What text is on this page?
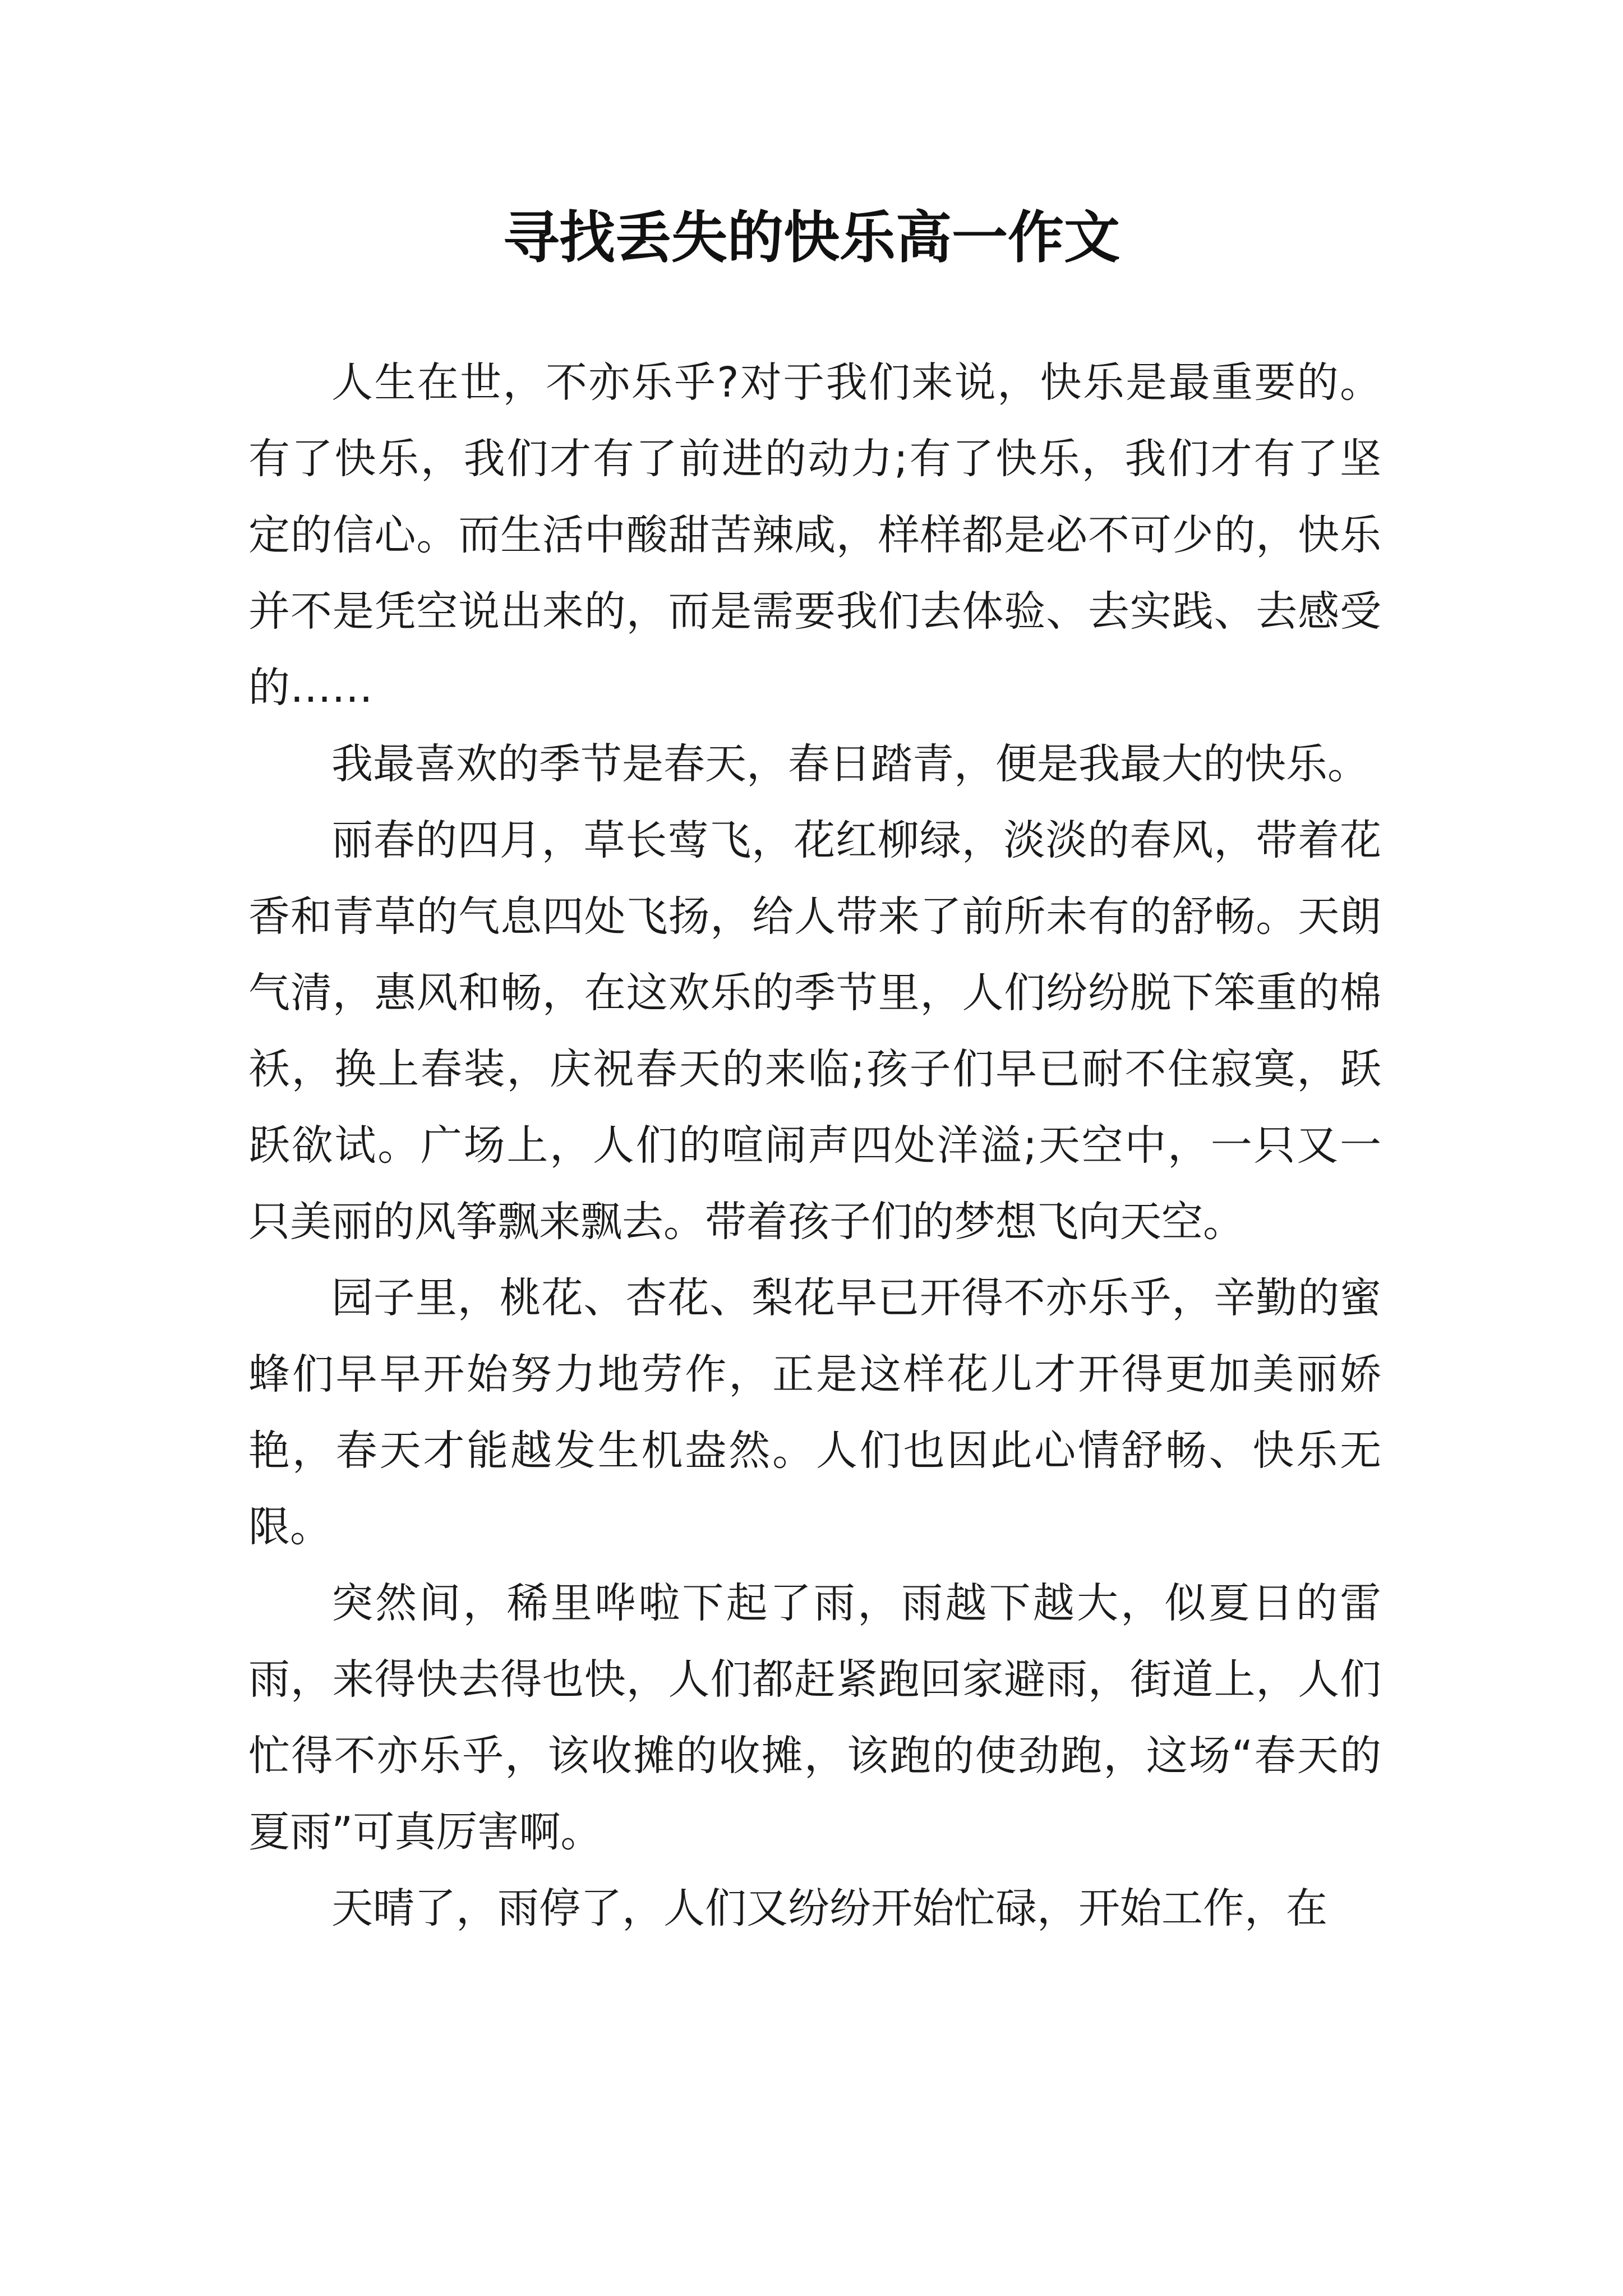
寻找丢失的快乐高一作文

人生在世，不亦乐乎?对于我们来说，快乐是最重要的。有了快乐，我们才有了前进的动力;有了快乐，我们才有了坚定的信心。而生活中酸甜苦辣咸，样样都是必不可少的，快乐并不是凭空说出来的，而是需要我们去体验、去实践、去感受的……

我最喜欢的季节是春天，春日踏青，便是我最大的快乐。

丽春的四月，草长莺飞，花红柳绿，淡淡的春风，带着花香和青草的气息四处飞扬，给人带来了前所未有的舒畅。天朗气清，惠风和畅，在这欢乐的季节里，人们纷纷脱下笨重的棉袄，换上春装，庆祝春天的来临;孩子们早已耐不住寂寞，跃跃欲试。广场上，人们的喧闹声四处洋溢;天空中，一只又一只美丽的风筝飘来飘去。带着孩子们的梦想飞向天空。

园子里，桃花、杏花、梨花早已开得不亦乐乎，辛勤的蜜蜂们早早开始努力地劳作，正是这样花儿才开得更加美丽娇艳，春天才能越发生机盎然。人们也因此心情舒畅、快乐无限。

突然间，稀里哗啦下起了雨，雨越下越大，似夏日的雷雨，来得快去得也快，人们都赶紧跑回家避雨，街道上，人们忙得不亦乐乎，该收摊的收摊，该跑的使劲跑，这场“春天的夏雨”可真厉害啊。

天晴了，雨停了，人们又纷纷开始忙碌，开始工作，在
